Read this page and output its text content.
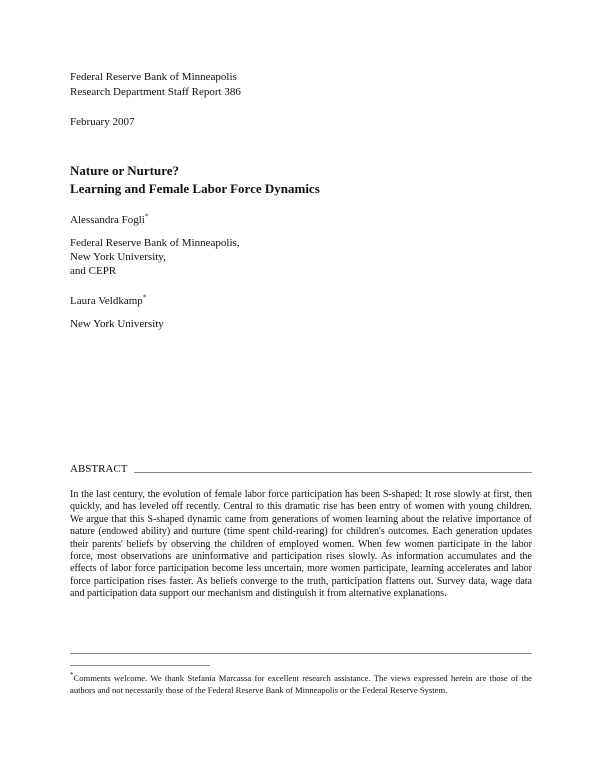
Federal Reserve Bank of Minneapolis
Research Department Staff Report 386
February 2007
Nature or Nurture?
Learning and Female Labor Force Dynamics
Alessandra Fogli*
Federal Reserve Bank of Minneapolis,
New York University,
and CEPR
Laura Veldkamp*
New York University
ABSTRACT
In the last century, the evolution of female labor force participation has been S-shaped: It rose slowly at first, then quickly, and has leveled off recently. Central to this dramatic rise has been entry of women with young children. We argue that this S-shaped dynamic came from generations of women learning about the relative importance of nature (endowed ability) and nurture (time spent child-rearing) for children's outcomes. Each generation updates their parents' beliefs by observing the children of employed women. When few women participate in the labor force, most observations are uninformative and participation rises slowly. As information accumulates and the effects of labor force participation become less uncertain, more women participate, learning accelerates and labor force participation rises faster. As beliefs converge to the truth, participation flattens out. Survey data, wage data and participation data support our mechanism and distinguish it from alternative explanations.
*Comments welcome. We thank Stefania Marcassa for excellent research assistance. The views expressed herein are those of the authors and not necessarily those of the Federal Reserve Bank of Minneapolis or the Federal Reserve System.
